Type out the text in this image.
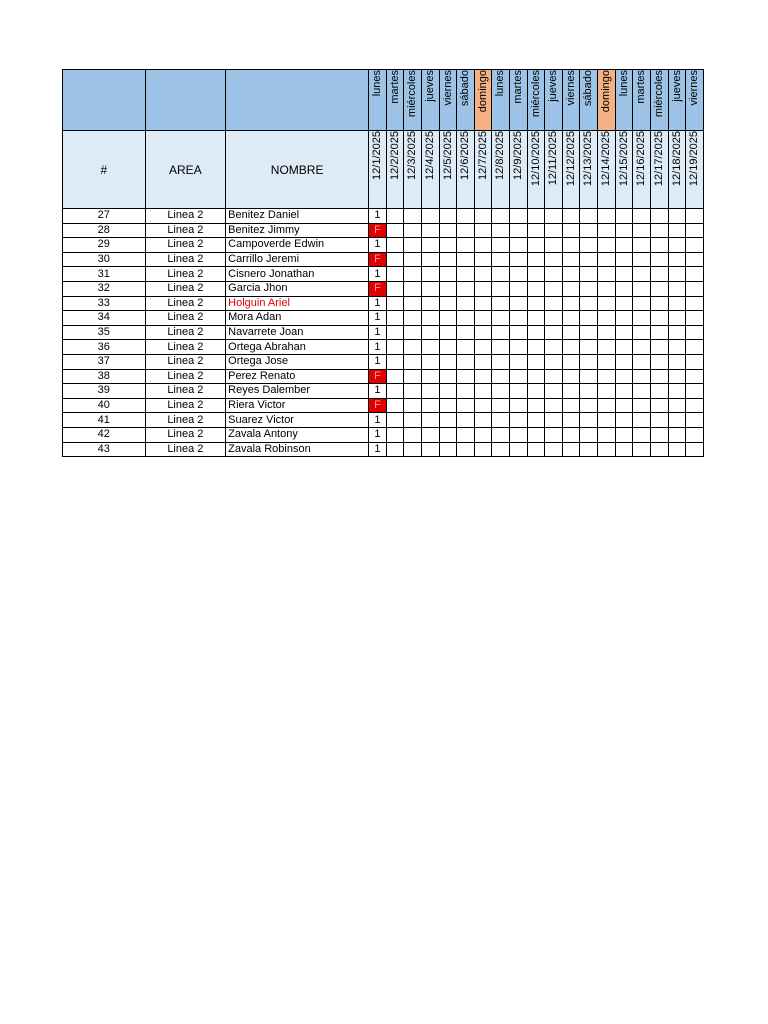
			lunes	martes	miércoles	jueves	viernes	sábado	domingo	lunes	martes	miércoles	jueves	viernes	sábado	domingo	lunes	martes	miércoles	jueves	viernes

#	AREA	NOMBRE	12/1/2025	12/2/2025	12/3/2025	12/4/2025	12/5/2025	12/6/2025	12/7/2025	12/8/2025	12/9/2025	12/10/2025	12/11/2025	12/12/2025	12/13/2025	12/14/2025	12/15/2025	12/16/2025	12/17/2025	12/18/2025	12/19/2025

27	Linea 2	Benitez Daniel	1																		
28	Linea 2	Benitez Jimmy	F																		
29	Linea 2	Campoverde Edwin	1																		
30	Linea 2	Carrillo Jeremi	F																		
31	Linea 2	Cisnero Jonathan	1																		
32	Linea 2	Garcia Jhon	F																		
33	Linea 2	Holguin Ariel	1																		
34	Linea 2	Mora Adan	1																		
35	Linea 2	Navarrete Joan	1																		
36	Linea 2	Ortega Abrahan	1																		
37	Linea 2	Ortega Jose	1																		
38	Linea 2	Perez Renato	F																		
39	Linea 2	Reyes Dalember	1																		
40	Linea 2	Riera Victor	F																		
41	Linea 2	Suarez Victor	1																		
42	Linea 2	Zavala Antony	1																		
43	Linea 2	Zavala Robinson	1																		
